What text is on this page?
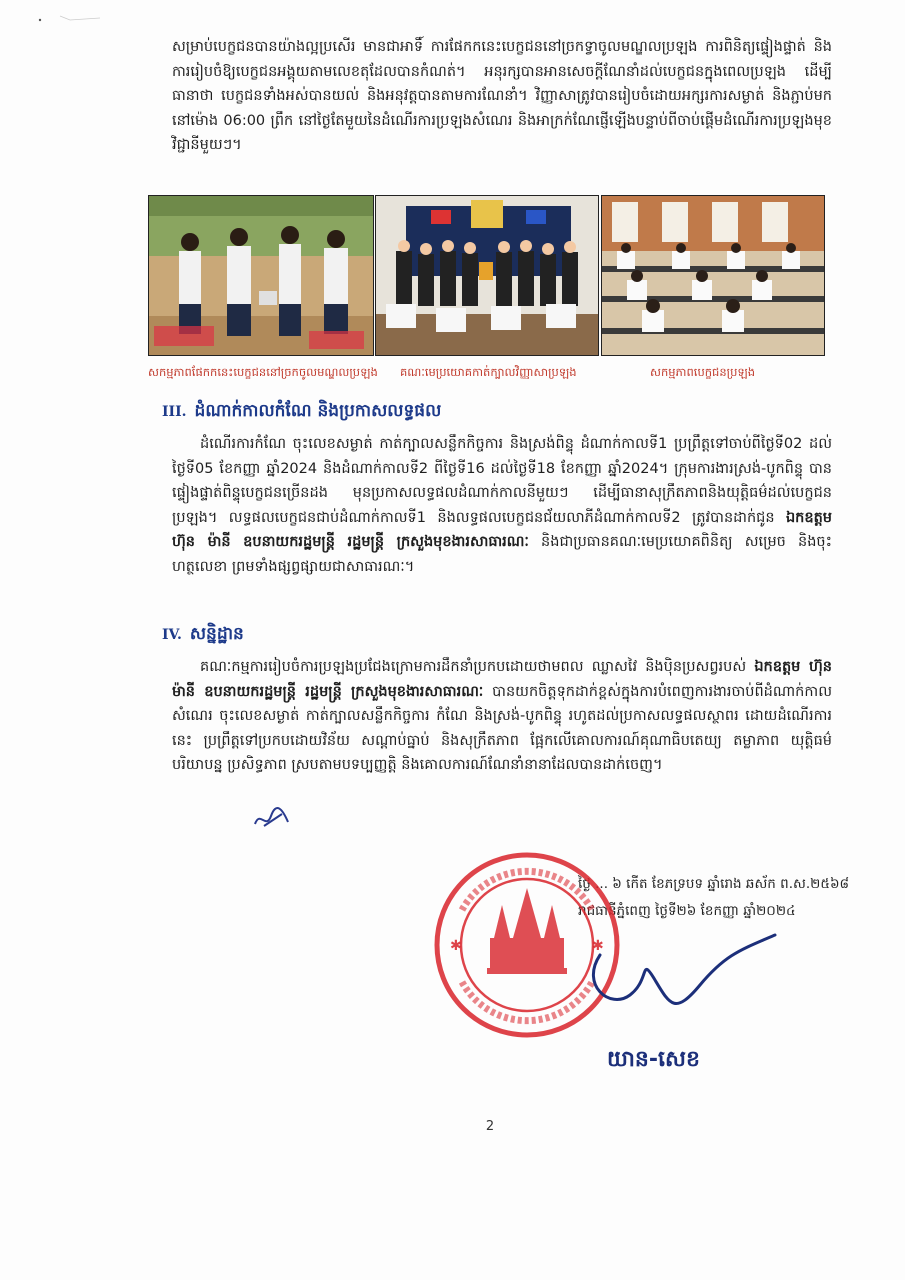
សម្រាប់បេក្ខជនបានយ៉ាងល្អប្រសើរ មានជាអាទិ៍ ការផែកកនេះបេក្ខជននៅច្រកទ្វាចូលមណ្ឌលប្រឡង ការពិនិត្យផ្ទៀងផ្ទាត់ និងការរៀបចំឱ្យបេក្ខជនអង្គុយតាមលេខតុដែលបានកំណត់។ អនុរក្សបានអានសេចក្តីណែនាំដល់បេក្ខជនក្នុងពេលប្រឡង ដើម្បីធានាថា បេក្ខជនទាំងអស់បានយល់ និងអនុវត្តបានតាមការណែនាំ។ វិញ្ញាសាត្រូវបានរៀបចំដោយអក្សរការសម្ងាត់ និងភ្ជាប់មកនៅម៉ោង 06:00 ព្រឹក នៅថ្ងៃតែមួយនៃដំណើរការប្រឡងសំណេរ និងអាក្រក់ណែផ្ញើឡើងបន្ទាប់ពីចាប់ផ្តើមដំណើរការប្រឡងមុខវិជ្ជានីមួយៗ។

សកម្មភាពផែកកនេះបេក្ខជននៅច្រកចូលមណ្ឌលប្រឡង គណៈមេប្រយោគកាត់ក្បាលវិញ្ញាសាប្រឡង	សកម្មភាពបេក្ខជនប្រឡង
III. ដំណាក់កាលកំណែ និងប្រកាសលទ្ធផល

ដំណើរការកំណែ ចុះលេខសម្ងាត់ កាត់ក្បាលសន្លឹកកិច្ចការ និងស្រង់ពិន្ទុ ដំណាក់កាលទី1 ប្រព្រឹត្តទៅចាប់ពីថ្ងៃទី02 ដល់ថ្ងៃទី05 ខែកញ្ញា ឆ្នាំ2024 និងដំណាក់កាលទី2 ពីថ្ងៃទី16 ដល់ថ្ងៃទី18 ខែកញ្ញា ឆ្នាំ2024។ ក្រុមការងារស្រង់-បូកពិន្ទុ បានផ្ទៀងផ្ទាត់ពិន្ទុបេក្ខជនច្រើនដង មុនប្រកាសលទ្ធផលដំណាក់កាលនីមួយៗ ដើម្បីធានាសុក្រឹតភាពនិងយុត្តិធម៌ដល់បេក្ខជនប្រឡង។ លទ្ធផលបេក្ខជនជាប់ដំណាក់កាលទី1 និងលទ្ធផលបេក្ខជនជ័យលាភីដំណាក់កាលទី2 ត្រូវបានដាក់ជូន ឯកឧត្តម ហ៊ុន ម៉ានី ឧបនាយករដ្ឋមន្ត្រី រដ្ឋមន្ត្រី ក្រសួងមុខងារសាធារណៈ និងជាប្រធានគណៈមេប្រយោគពិនិត្យ សម្រេច និងចុះហត្ថលេខា ព្រមទាំងផ្សព្វផ្សាយជាសាធារណៈ។

IV. សន្និដ្ឋាន

គណៈកម្មការរៀបចំការប្រឡងប្រជែងក្រោមការដឹកនាំប្រកបដោយថាមពល ឈ្លាសវៃ និងប៉ិនប្រសព្វរបស់ ឯកឧត្តម ហ៊ុន ម៉ានី ឧបនាយករដ្ឋមន្ត្រី រដ្ឋមន្ត្រី ក្រសួងមុខងារសាធារណៈ បានយកចិត្តទុកដាក់ខ្ពស់ក្នុងការបំពេញការងារចាប់ពីដំណាក់កាលសំណេរ ចុះលេខសម្ងាត់ កាត់ក្បាលសន្លឹកកិច្ចការ កំណែ និងស្រង់-បូកពិន្ទុ រហូតដល់ប្រកាសលទ្ធផលស្ថាពរ ដោយដំណើរការនេះ ប្រព្រឹត្តទៅប្រកបដោយវិន័យ សណ្តាប់ធ្នាប់ និងសុក្រឹតភាព ផ្អែកលើគោលការណ៍គុណាធិបតេយ្យ តម្លាភាព យុត្តិធម៌ បរិយាបន្ន ប្រសិទ្ធភាព ស្របតាមបទប្បញ្ញត្តិ និងគោលការណ៍ណែនាំនានាដែលបានដាក់ចេញ។

ថ្ងៃ ... ៦ កើត ខែភទ្របទ ឆ្នាំរោង ឆស័ក ព.ស.២៥៦៨
រាជធានីភ្នំពេញ ថ្ងៃទី២៦ ខែកញ្ញា ឆ្នាំ២០២៤
✱	✱
យាន-សេខ
2
